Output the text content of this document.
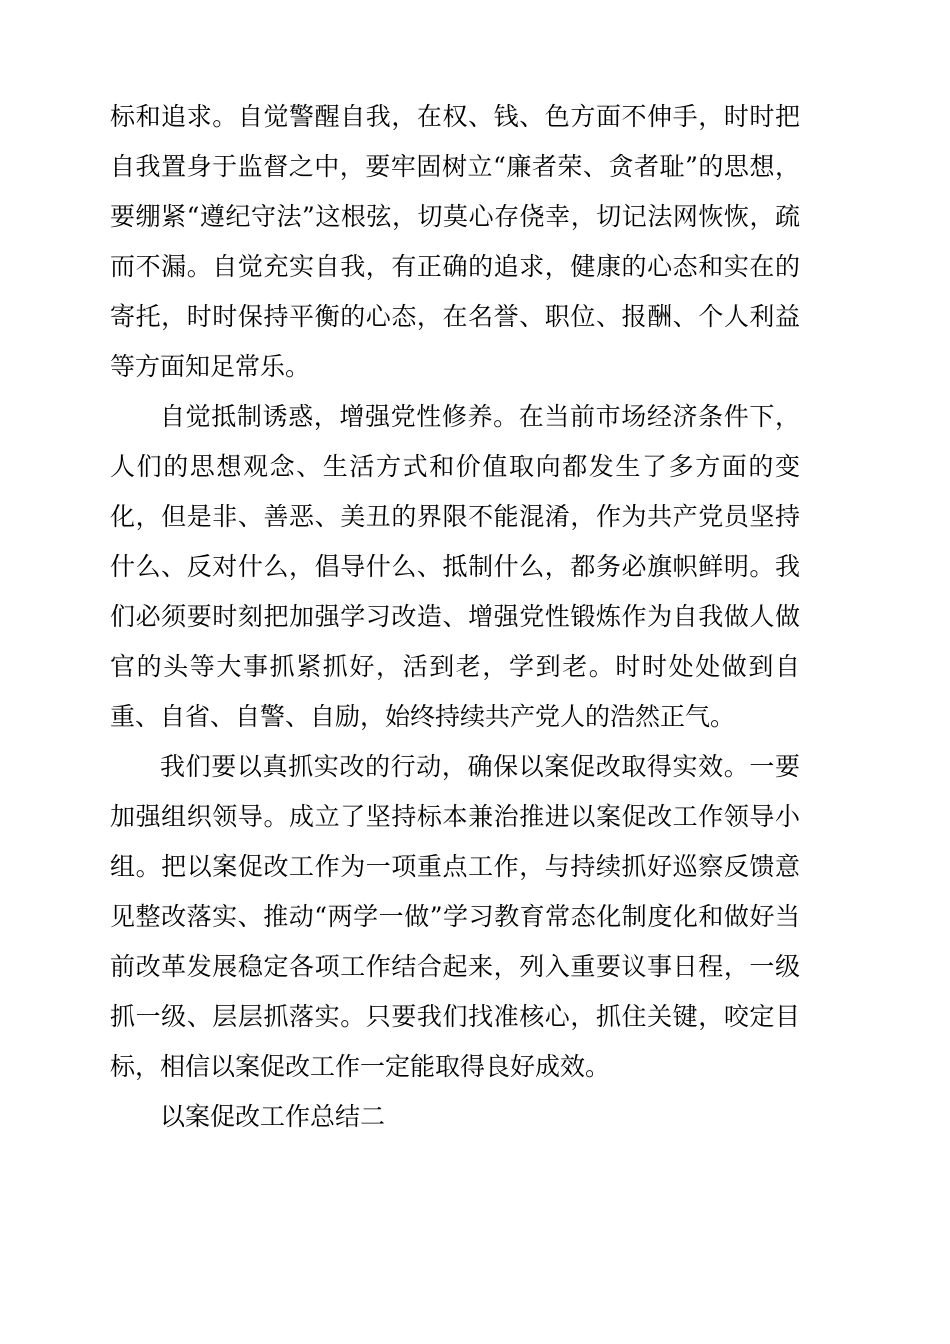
标和追求。自觉警醒自我，在权、钱、色方面不伸手，时时把自我置身于监督之中，要牢固树立“廉者荣、贪者耻”的思想，要绷紧“遵纪守法”这根弦，切莫心存侥幸，切记法网恢恢，疏而不漏。自觉充实自我，有正确的追求，健康的心态和实在的寄托，时时保持平衡的心态，在名誉、职位、报酬、个人利益等方面知足常乐。

自觉抵制诱惑，增强党性修养。在当前市场经济条件下，人们的思想观念、生活方式和价值取向都发生了多方面的变化，但是非、善恶、美丑的界限不能混淆，作为共产党员坚持什么、反对什么，倡导什么、抵制什么，都务必旗帜鲜明。我们必须要时刻把加强学习改造、增强党性锻炼作为自我做人做官的头等大事抓紧抓好，活到老，学到老。时时处处做到自重、自省、自警、自励，始终持续共产党人的浩然正气。

我们要以真抓实改的行动，确保以案促改取得实效。一要加强组织领导。成立了坚持标本兼治推进以案促改工作领导小组。把以案促改工作为一项重点工作，与持续抓好巡察反馈意见整改落实、推动“两学一做”学习教育常态化制度化和做好当前改革发展稳定各项工作结合起来，列入重要议事日程，一级抓一级、层层抓落实。只要我们找准核心，抓住关键，咬定目标，相信以案促改工作一定能取得良好成效。

以案促改工作总结二
